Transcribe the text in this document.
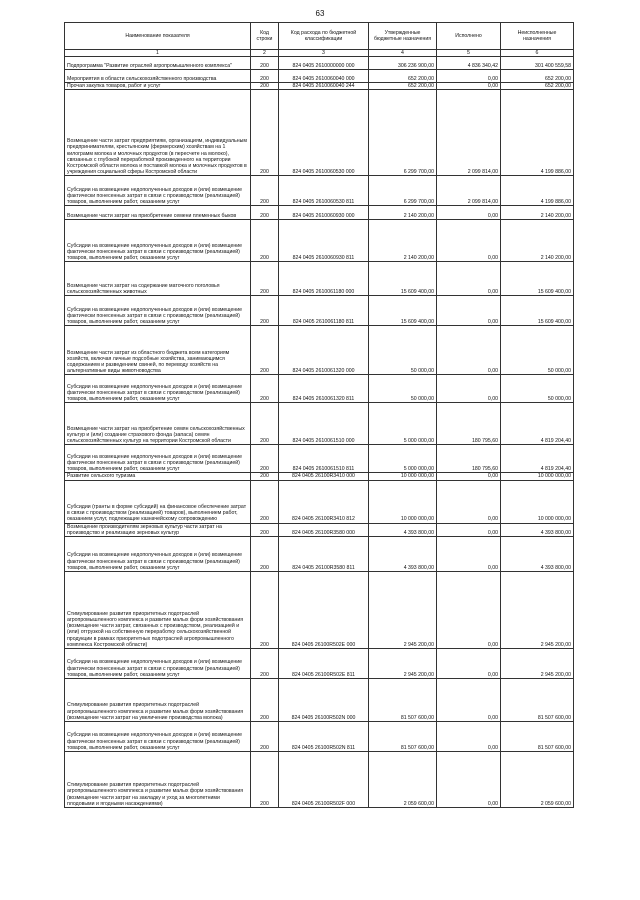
63
Наименование показателя	Код строки	Код расхода по бюджетной классификации	Утвержденные бюджетные назначения	Исполнено	Неисполненные назначения
1	2	3	4	5	6
Подпрограмма "Развитие отраслей агропромышленного комплекса"	200	824 0405 2610000000 000	306 236 900,00	4 836 340,42	301 400 559,58
Мероприятия в области сельскохозяйственного производства	200	824 0405 2610060040 000	652 200,00	0,00	652 200,00
Прочая закупка товаров, работ и услуг	200	824 0405 2610060040 244	652 200,00	0,00	652 200,00
Возмещение части затрат предприятиям, организациям, индивидуальным предпринимателям, крестьянским (фермерским) хозяйствам на 1 килограмм молока и молочных продуктов (в пересчете на молоко), связанных с глубокой переработкой произведенного на территории Костромской области молока и поставкой молока и молочных продуктов в учреждения социальной сферы Костромской области	200	824 0405 2610060530 000	6 299 700,00	2 099 814,00	4 199 886,00
Субсидии на возмещение недополученных доходов и (или) возмещение фактически понесенных затрат в связи с производством (реализацией) товаров, выполнением работ, оказанием услуг	200	824 0405 2610060530 811	6 299 700,00	2 099 814,00	4 199 886,00
Возмещение части затрат на приобретение семени племенных быков	200	824 0405 2610060930 000	2 140 200,00	0,00	2 140 200,00
Субсидии на возмещение недополученных доходов и (или) возмещение фактически понесенных затрат в связи с производством (реализацией) товаров, выполнением работ, оказанием услуг	200	824 0405 2610060930 811	2 140 200,00	0,00	2 140 200,00
Возмещение части затрат на содержание маточного поголовья сельскохозяйственных животных	200	824 0405 2610061180 000	15 609 400,00	0,00	15 609 400,00
Субсидии на возмещение недополученных доходов и (или) возмещение фактически понесенных затрат в связи с производством (реализацией) товаров, выполнением работ, оказанием услуг	200	824 0405 2610061180 811	15 609 400,00	0,00	15 609 400,00
Возмещение части затрат из областного бюджета всем категориям хозяйств, включая личные подсобные хозяйства, занимающимся содержанием и разведением свиней, по переводу хозяйств на альтернативные виды животноводства	200	824 0405 2610061320 000	50 000,00	0,00	50 000,00
Субсидии на возмещение недополученных доходов и (или) возмещение фактически понесенных затрат в связи с производством (реализацией) товаров, выполнением работ, оказанием услуг	200	824 0405 2610061320 811	50 000,00	0,00	50 000,00
Возмещение части затрат на приобретение семян сельскохозяйственных культур и (или) создание страхового фонда (запаса) семян сельскохозяйственных культур на территории Костромской области	200	824 0405 2610061510 000	5 000 000,00	180 795,60	4 819 204,40
Субсидии на возмещение недополученных доходов и (или) возмещение фактически понесенных затрат в связи с производством (реализацией) товаров, выполнением работ, оказанием услуг	200	824 0405 2610061510 811	5 000 000,00	180 795,60	4 819 204,40
Развитие сельского туризма	200	824 0405 26100R3410 000	10 000 000,00	0,00	10 000 000,00
Субсидии (гранты в форме субсидий) на финансовое обеспечение затрат в связи с производством (реализацией) товаров), выполнением работ, оказанием услуг, подлежащие казначейскому сопровождению	200	824 0405 26100R3410 812	10 000 000,00	0,00	10 000 000,00
Возмещение производителям зерновых культур части затрат на производство и реализацию зерновых культур	200	824 0405 26100R3580 000	4 393 800,00	0,00	4 393 800,00
Субсидии на возмещение недополученных доходов и (или) возмещение фактически понесенных затрат в связи с производством (реализацией) товаров, выполнением работ, оказанием услуг	200	824 0405 26100R3580 811	4 393 800,00	0,00	4 393 800,00
Стимулирование развития приоритетных подотраслей агропромышленного комплекса и развитие малых форм хозяйствования (возмещение части затрат, связанных с производством, реализацией и (или) отгрузкой на собственную переработку сельскохозяйственной продукции в рамках приоритетных подотраслей агропромышленного комплекса Костромской области)	200	824 0405 26100R502E 000	2 945 200,00	0,00	2 945 200,00
Субсидии на возмещение недополученных доходов и (или) возмещение фактически понесенных затрат в связи с производством (реализацией) товаров, выполнением работ, оказанием услуг	200	824 0405 26100R502E 811	2 945 200,00	0,00	2 945 200,00
Стимулирование развития приоритетных подотраслей агропромышленного комплекса и развитие малых форм хозяйствования (возмещение части затрат на увеличение производства молока)	200	824 0405 26100R502N 000	81 507 600,00	0,00	81 507 600,00
Субсидии на возмещение недополученных доходов и (или) возмещение фактически понесенных затрат в связи с производством (реализацией) товаров, выполнением работ, оказанием услуг	200	824 0405 26100R502N 811	81 507 600,00	0,00	81 507 600,00
Стимулирование развития приоритетных подотраслей агропромышленного комплекса и развитие малых форм хозяйствования (возмещение части затрат на закладку и уход за многолетними плодовыми и ягодными насаждениями)	200	824 0405 26100R502F 000	2 059 600,00	0,00	2 059 600,00
